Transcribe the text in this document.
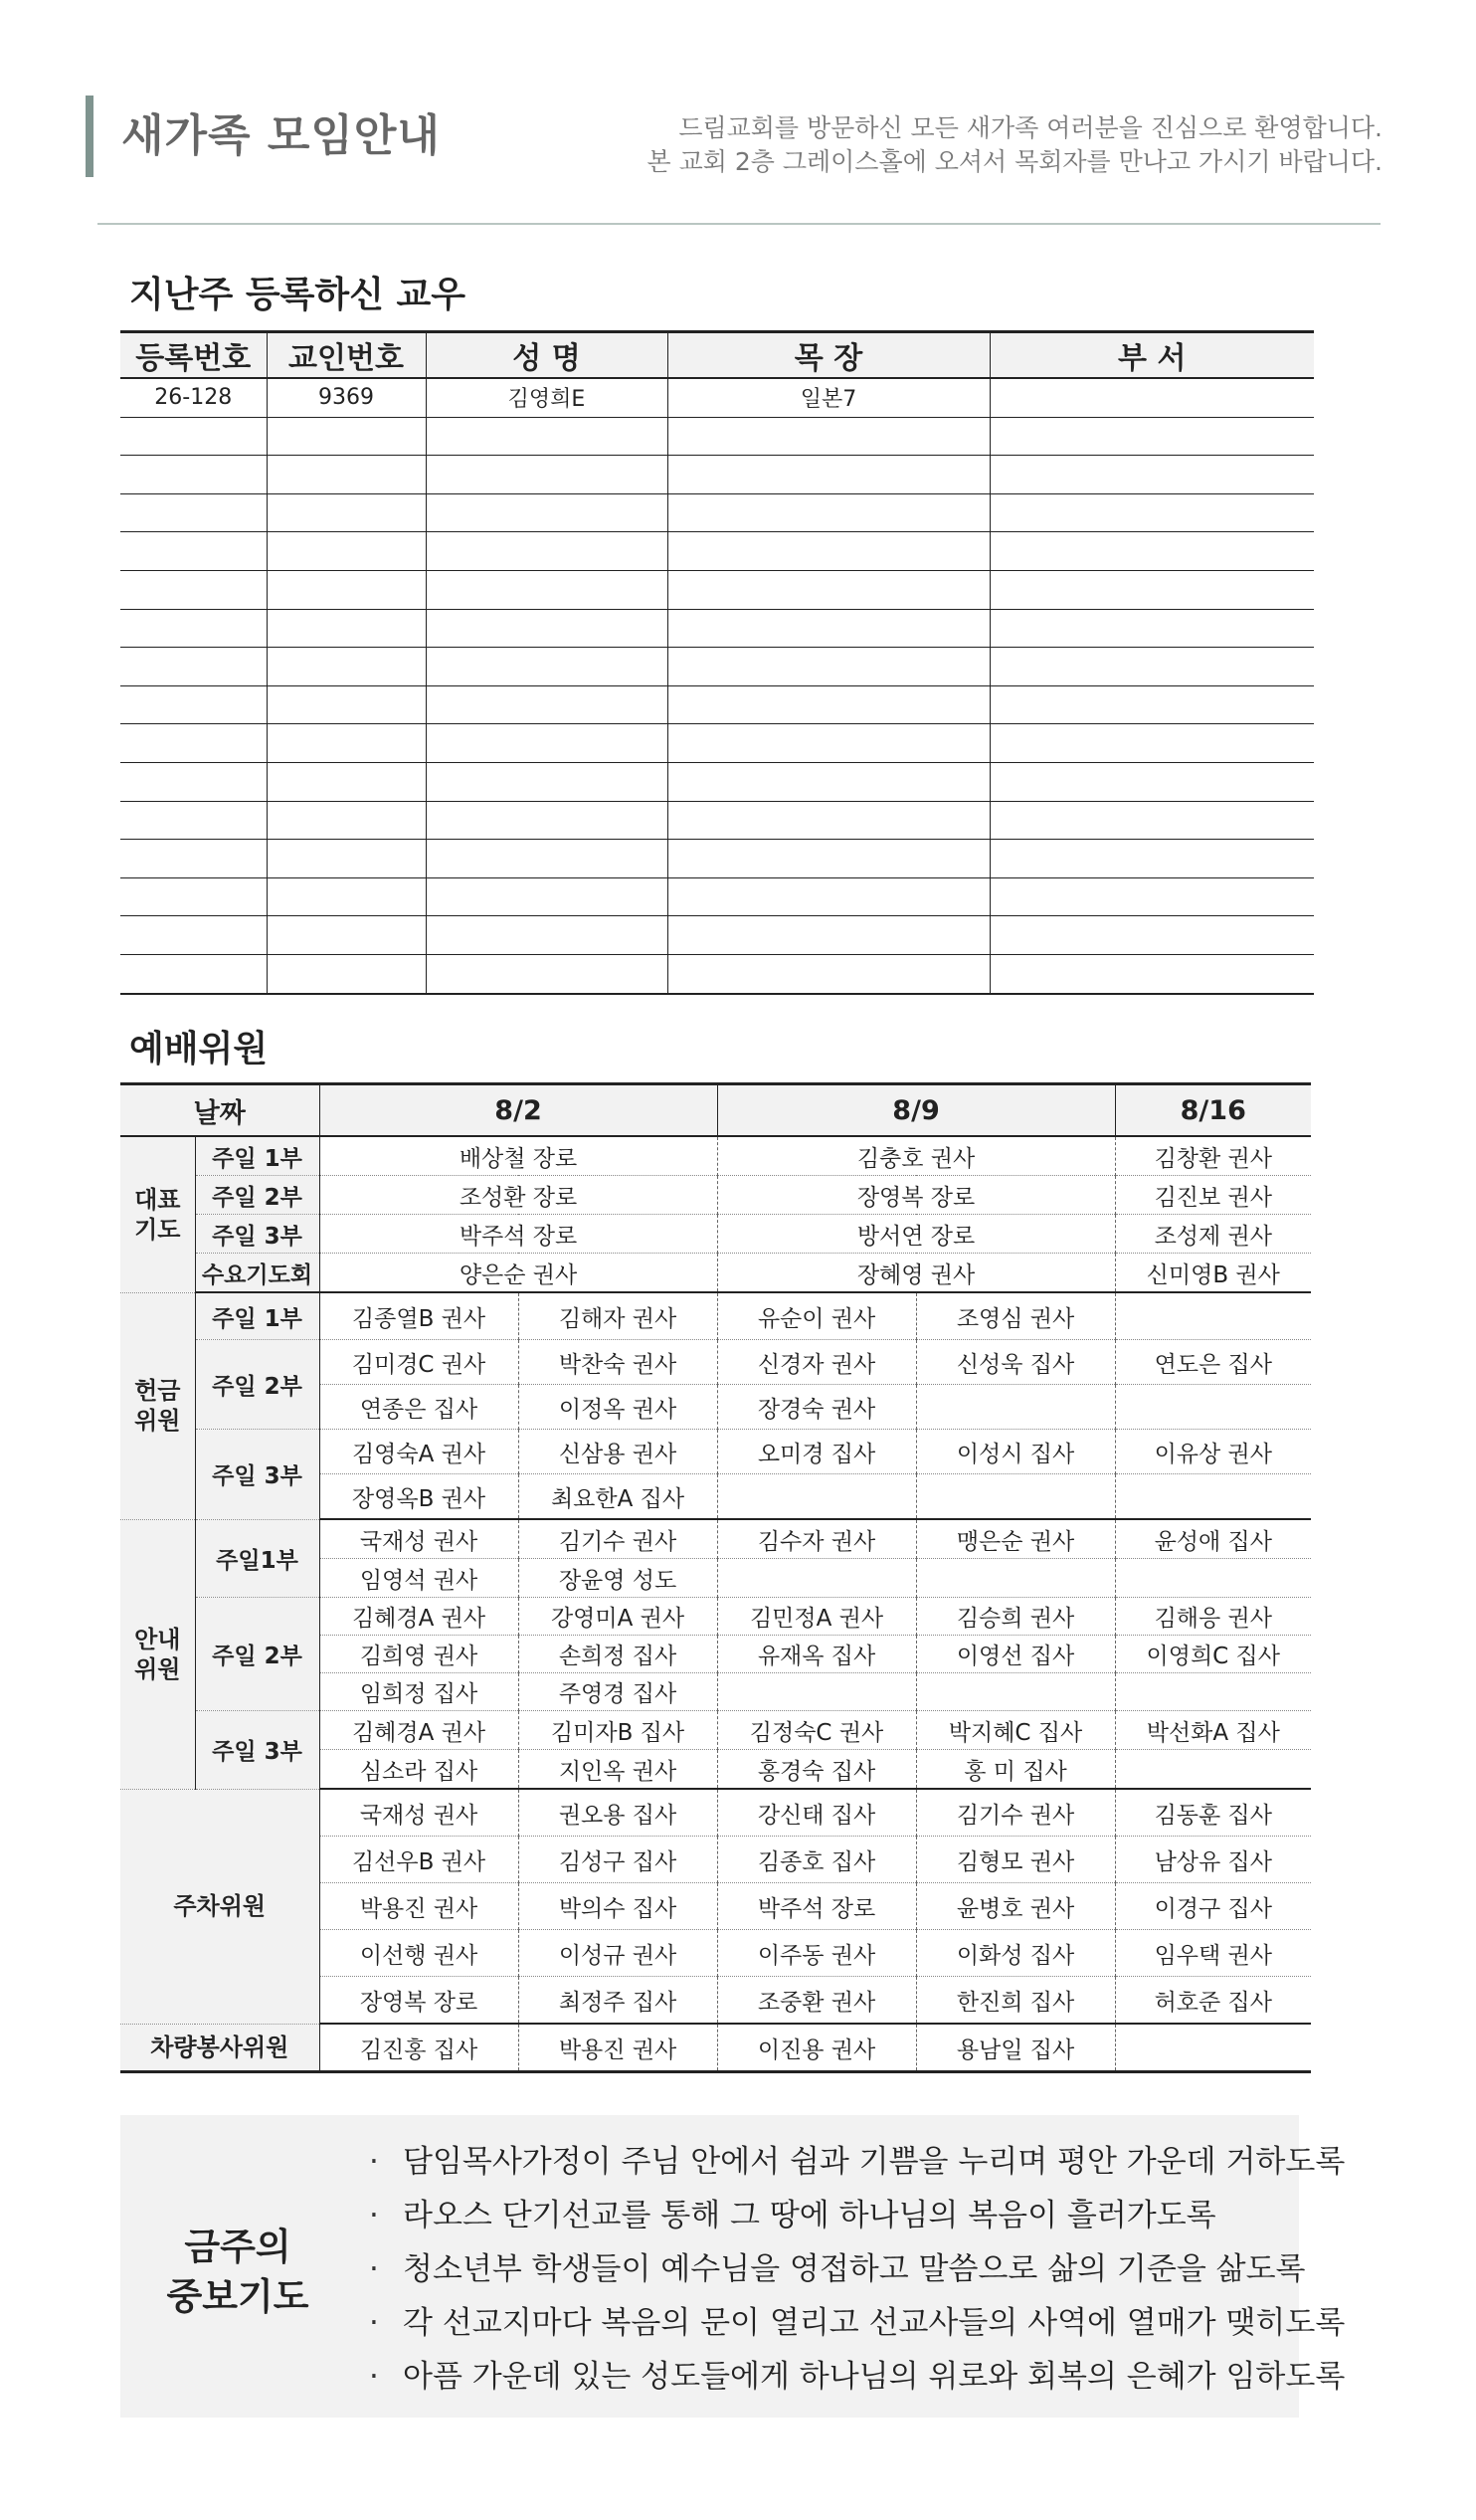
새가족 모임안내	드림교회를 방문하신 모든 새가족 여러분을 진심으로 환영합니다.
본 교회 2층 그레이스홀에 오셔서 목회자를 만나고 가시기 바랍니다.
지난주 등록하신 교우
등록번호	교인번호	성 명	목 장	부 서
26-128	9369	김영희E	일본7	

예배위원
날짜		8/2		8/9		8/16
대표 기도	주일 1부	배상철 장로		김충호 권사		김창환 권사
	주일 2부	조성환 장로		장영복 장로		김진보 권사
	주일 3부	박주석 장로		방서연 장로		조성제 권사
	수요기도회	양은순 권사		장혜영 권사		신미영B 권사
헌금 위원	주일 1부	김종열B 권사	김해자 권사	유순이 권사	조영심 권사	
	주일 2부	김미경C 권사	박찬숙 권사	신경자 권사	신성욱 집사	연도은 집사
		연종은 집사	이정옥 권사	장경숙 권사		
	주일 3부	김영숙A 권사	신삼용 권사	오미경 집사	이성시 집사	이유상 권사
		장영옥B 권사	최요한A 집사			
안내 위원	주일1부	국재성 권사	김기수 권사	김수자 권사	맹은순 권사	윤성애 집사
		임영석 권사	장윤영 성도			
	주일 2부	김혜경A 권사	강영미A 권사	김민정A 권사	김승희 권사	김해응 권사
		김희영 권사	손희정 집사	유재옥 집사	이영선 집사	이영희C 집사
		임희정 집사	주영경 집사			
	주일 3부	김혜경A 권사	김미자B 집사	김정숙C 권사	박지혜C 집사	박선화A 집사
		심소라 집사	지인옥 권사	홍경숙 집사	홍 미 집사	
주차위원		국재성 권사	권오용 집사	강신태 집사	김기수 권사	김동훈 집사
		김선우B 권사	김성구 집사	김종호 집사	김형모 권사	남상유 집사
		박용진 권사	박의수 집사	박주석 장로	윤병호 권사	이경구 집사
		이선행 권사	이성규 권사	이주동 권사	이화성 집사	임우택 권사
		장영복 장로	최정주 집사	조중환 권사	한진희 집사	허호준 집사
차량봉사위원		김진홍 집사	박용진 권사	이진용 권사	용남일 집사	
금주의
중보기도
· 담임목사가정이 주님 안에서 쉼과 기쁨을 누리며 평안 가운데 거하도록
· 라오스 단기선교를 통해 그 땅에 하나님의 복음이 흘러가도록
· 청소년부 학생들이 예수님을 영접하고 말씀으로 삶의 기준을 삶도록
· 각 선교지마다 복음의 문이 열리고 선교사들의 사역에 열매가 맺히도록
· 아픔 가운데 있는 성도들에게 하나님의 위로와 회복의 은혜가 임하도록
